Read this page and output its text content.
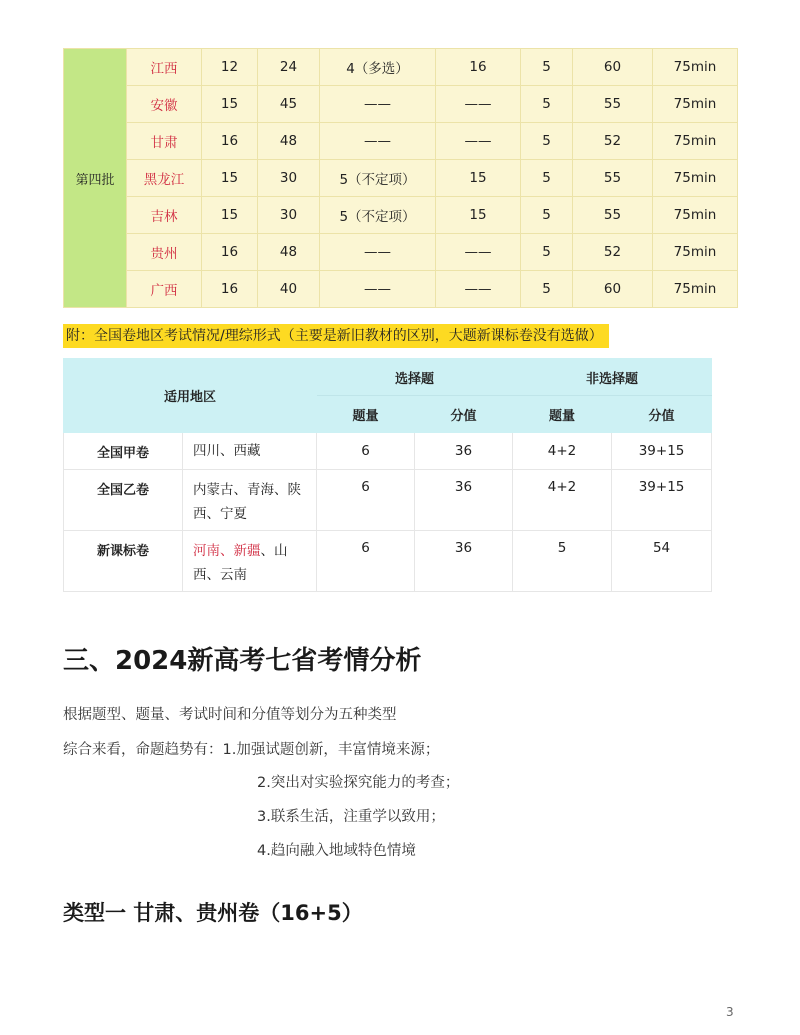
第四批	江西	12	24	4（多选）	16	5	60	75min
	安徽	15	45	——	——	5	55	75min
	甘肃	16	48	——	——	5	52	75min
	黑龙江	15	30	5（不定项）	15	5	55	75min
	吉林	15	30	5（不定项）	15	5	55	75min
	贵州	16	48	——	——	5	52	75min
	广西	16	40	——	——	5	60	75min
附：全国卷地区考试情况/理综形式（主要是新旧教材的区别，大题新课标卷没有选做）
适用地区		选择题		非选择题	
		题量	分值	题量	分值
全国甲卷	四川、西藏	6	36	4+2	39+15
全国乙卷	内蒙古、青海、陕西、宁夏	6	36	4+2	39+15
新课标卷	河南、新疆、山西、云南	6	36	5	54
三、2024新高考七省考情分析

根据题型、题量、考试时间和分值等划分为五种类型

综合来看，命题趋势有：1.加强试题创新，丰富情境来源；

2.突出对实验探究能力的考查；

3.联系生活，注重学以致用；

4.趋向融入地域特色情境

类型一 甘肃、贵州卷（16+5）
3
